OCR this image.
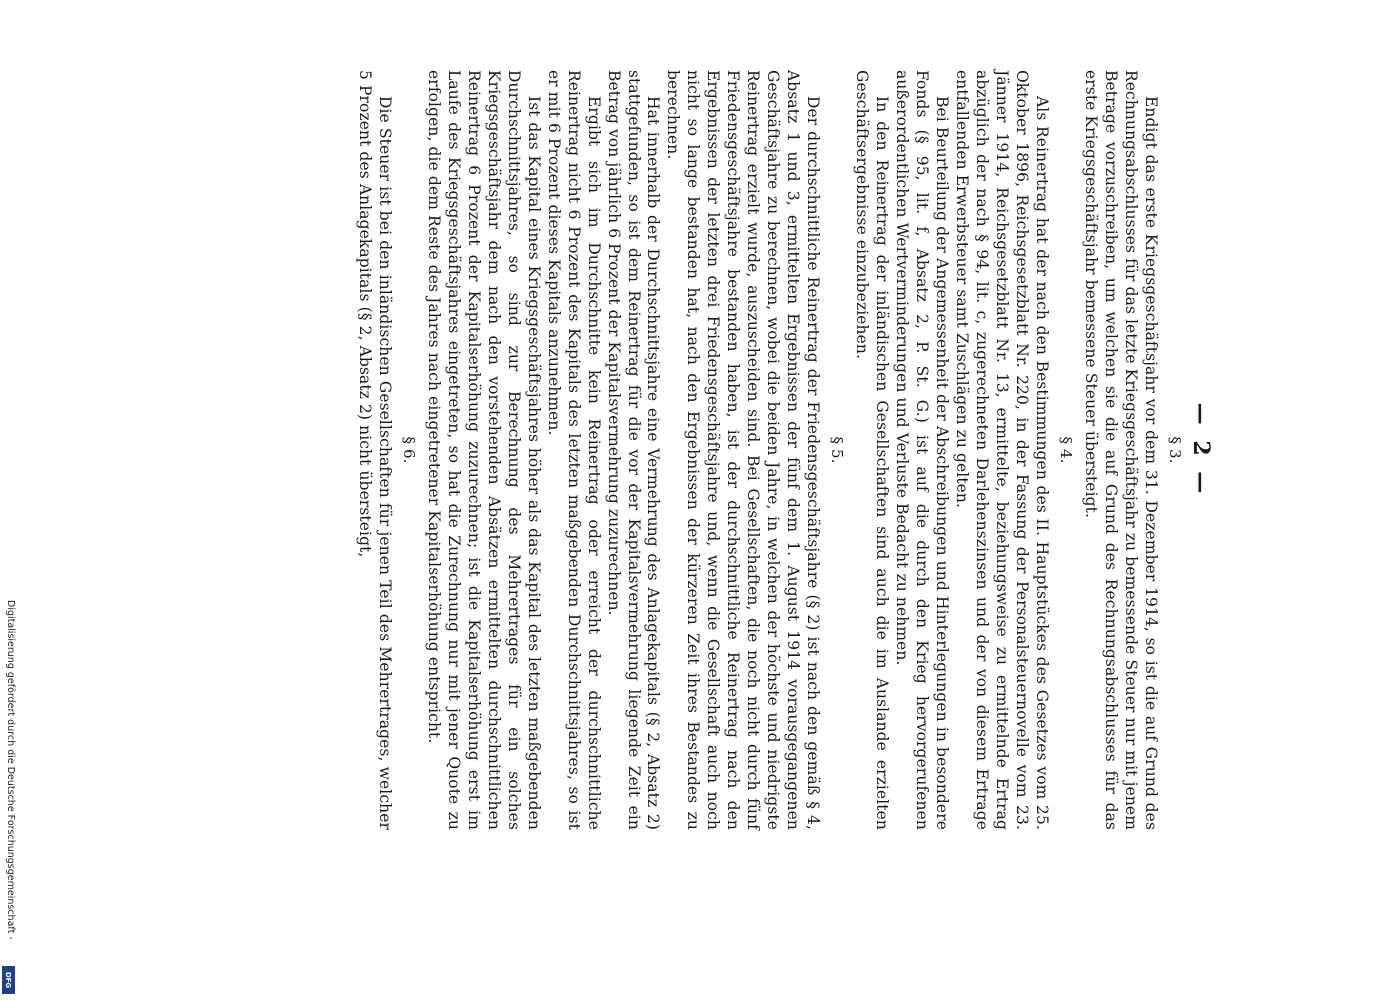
— 2 —
§ 3.

Endigt das erste Kriegsgeschäftsjahr vor dem 31. Dezember 1914, so ist die auf Grund des Rechnungsabschlusses für das letzte Kriegsgeschäftsjahr zu bemessende Steuer nur mit jenem Betrage vorzuschreiben, um welchen sie die auf Grund des Rechnungsabschlusses für das erste Kriegsgeschäftsjahr bemessene Steuer übersteigt.

§ 4.

Als Reinertrag hat der nach den Bestimmungen des II. Hauptstückes des Gesetzes vom 25. Oktober 1896, Reichsgesetzblatt Nr. 220, in der Fassung der Personalsteuernovelle vom 23. Jänner 1914, Reichsgesetzblatt Nr. 13, ermittelte, beziehungsweise zu ermittelnde Ertrag abzüglich der nach § 94, lit. c, zugerechneten Darlehenszinsen und der von diesem Ertrage entfallenden Erwerbsteuer samt Zuschlägen zu gelten.

Bei Beurteilung der Angemessenheit der Abschreibungen und Hinterlegungen in besondere Fonds (§ 95, lit. f, Absatz 2, P. St. G.) ist auf die durch den Krieg hervorgerufenen außerordentlichen Wertverminderungen und Verluste Bedacht zu nehmen.

In den Reinertrag der inländischen Gesellschaften sind auch die im Auslande erzielten Geschäftsergebnisse einzubeziehen.

§ 5.

Der durchschnittliche Reinertrag der Friedensgeschäftsjahre (§ 2) ist nach den gemäß § 4, Absatz 1 und 3, ermittelten Ergebnissen der fünf dem 1. August 1914 vorausgegangenen Geschäftsjahre zu berechnen, wobei die beiden Jahre, in welchen der höchste und niedrigste Reinertrag erzielt wurde, auszuscheiden sind. Bei Gesellschaften, die noch nicht durch fünf Friedensgeschäftsjahre bestanden haben, ist der durchschnittliche Reinertrag nach den Ergebnissen der letzten drei Friedensgeschäftsjahre und, wenn die Gesellschaft auch noch nicht so lange bestanden hat, nach den Ergebnissen der kürzeren Zeit ihres Bestandes zu berechnen.

Hat innerhalb der Durchschnittsjahre eine Vermehrung des Anlagekapitals (§ 2, Absatz 2) stattgefunden, so ist dem Reinertrag für die vor der Kapitalsvermehrung liegende Zeit ein Betrag von jährlich 6 Prozent der Kapitalsvermehrung zuzurechnen.

Ergibt sich im Durchschnitte kein Reinertrag oder erreicht der durchschnittliche Reinertrag nicht 6 Prozent des Kapitals des letzten maßgebenden Durchschnittsjahres, so ist er mit 6 Prozent dieses Kapitals anzunehmen.

Ist das Kapital eines Kriegsgeschäftsjahres höher als das Kapital des letzten maßgebenden Durchschnittsjahres, so sind zur Berechnung des Mehrertrages für ein solches Kriegsgeschäftsjahr dem nach den vorstehenden Absätzen ermittelten durchschnittlichen Reinertrag 6 Prozent der Kapitalserhöhung zuzurechnen; ist die Kapitalserhöhung erst im Laufe des Kriegsgeschäftsjahres eingetreten, so hat die Zurechnung nur mit jener Quote zu erfolgen, die dem Reste des Jahres nach eingetretener Kapitalserhöhung entspricht.

§ 6.

Die Steuer ist bei den inländischen Gesellschaften für jenen Teil des Mehrertrages, welcher 5 Prozent des Anlagekapitals (§ 2, Absatz 2) nicht übersteigt,

Digitalisierung gefördert durch die Deutsche Forschungsgemeinschaft -
DFG
